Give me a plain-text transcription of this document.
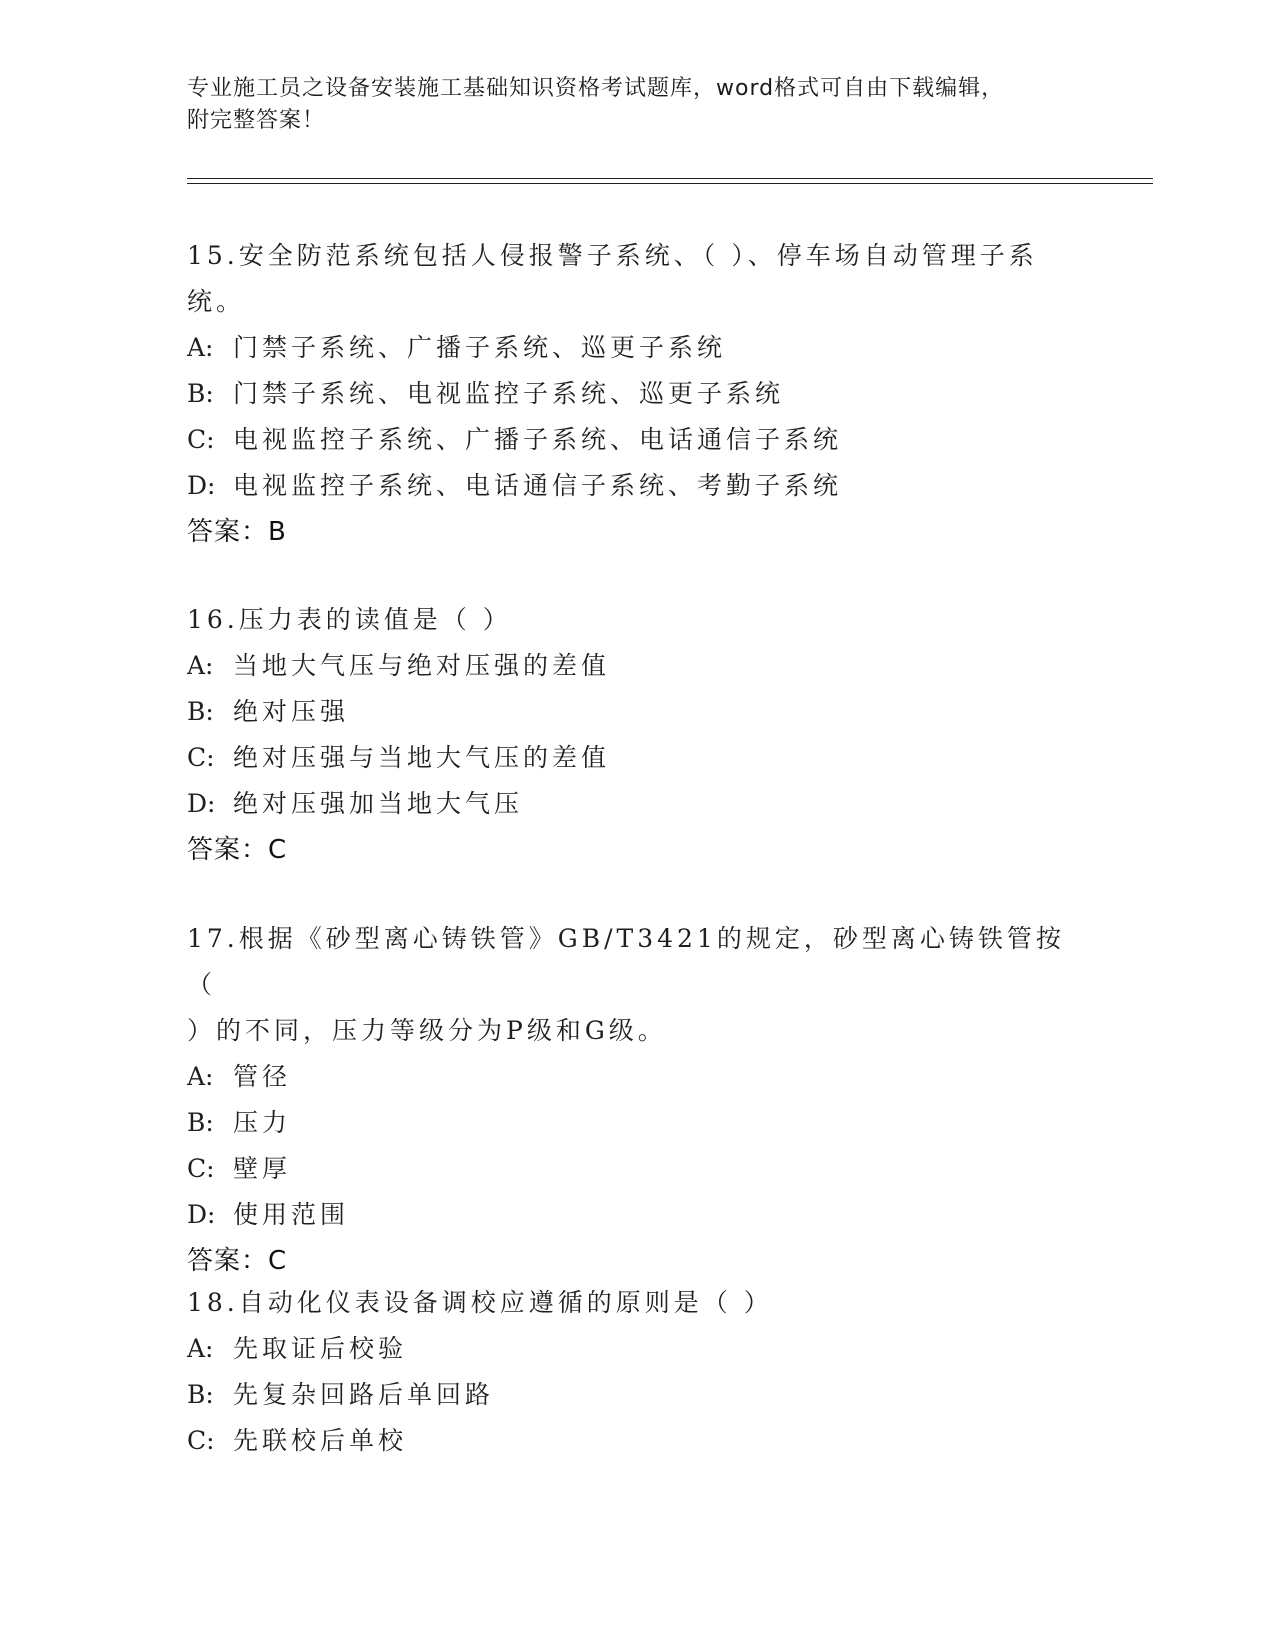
专业施工员之设备安装施工基础知识资格考试题库，word格式可自由下载编辑，
附完整答案！

15.安全防范系统包括人侵报警子系统、（ ）、停车场自动管理子系
统。

A: 门禁子系统、广播子系统、巡更子系统

B: 门禁子系统、电视监控子系统、巡更子系统

C: 电视监控子系统、广播子系统、电话通信子系统

D: 电视监控子系统、电话通信子系统、考勤子系统

答案：B

16.压力表的读值是（ ）

A: 当地大气压与绝对压强的差值

B: 绝对压强

C: 绝对压强与当地大气压的差值

D: 绝对压强加当地大气压

答案：C

17.根据《砂型离心铸铁管》GB/T3421的规定，砂型离心铸铁管按（
）的不同，压力等级分为P级和G级。

A: 管径

B: 压力

C: 壁厚

D: 使用范围

答案：C

18.自动化仪表设备调校应遵循的原则是（ ）

A: 先取证后校验

B: 先复杂回路后单回路

C: 先联校后单校
